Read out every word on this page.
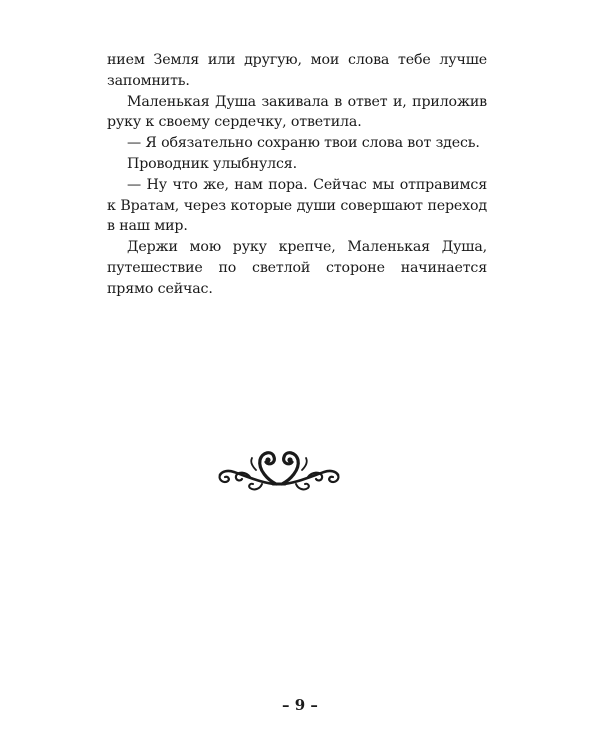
нием Земля или другую, мои слова тебе лучше запомнить.

Маленькая Душа закивала в ответ и, приложив руку к своему сердечку, ответила.

— Я обязательно сохраню твои слова вот здесь.

Проводник улыбнулся.

— Ну что же, нам пора. Сейчас мы отправимся к Вратам, через которые души совершают переход в наш мир.

Держи мою руку крепче, Маленькая Душа, путешествие по светлой стороне начинается прямо сейчас.

– 9 –
